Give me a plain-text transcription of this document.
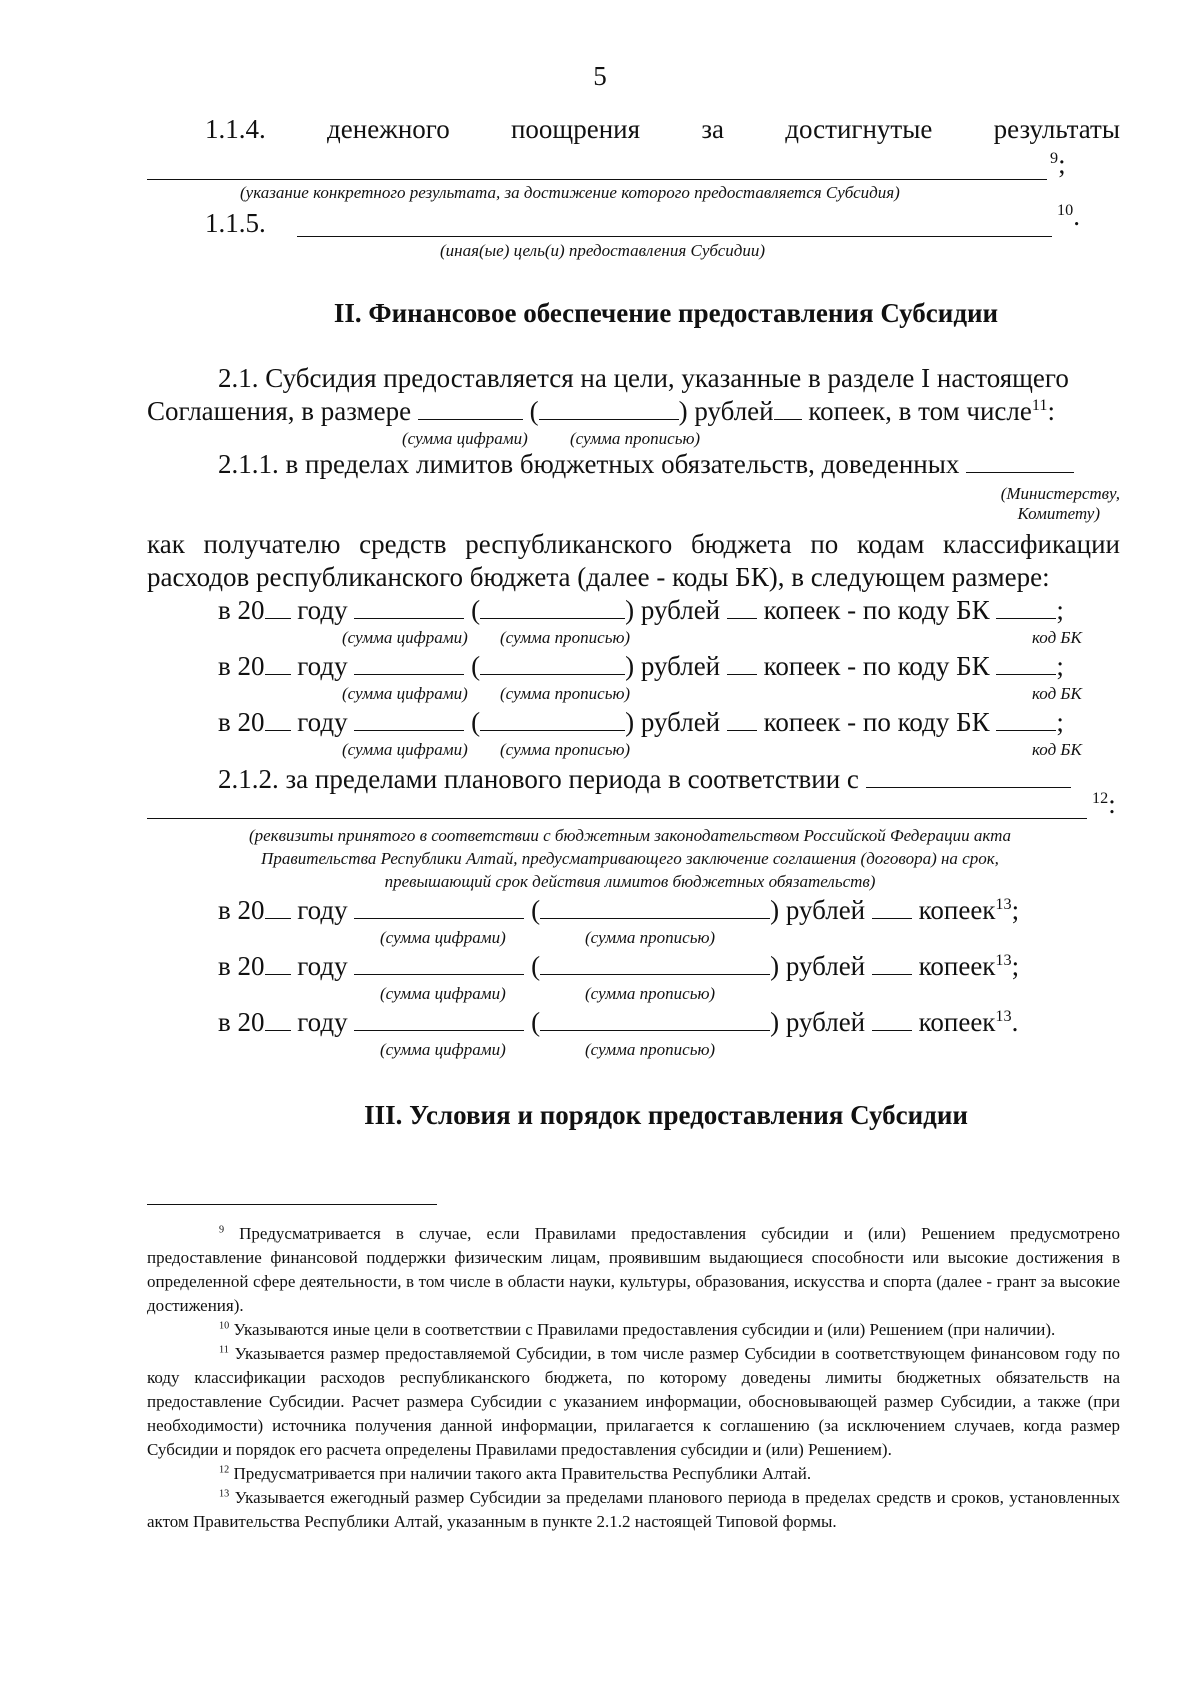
5
1.1.4. денежного поощрения за достигнутые результаты
$^9$;
(указание конкретного результата, за достижение которого предоставляется Субсидия)
1.1.5.	$^{10}$.
(иная(ые) цель(и) предоставления Субсидии)
II. Финансовое обеспечение предоставления Субсидии
2.1. Субсидия предоставляется на цели, указанные в разделе I настоящего
Соглашения, в размере	(	) рублей копеек, в том числе$^{11}$:
(сумма цифрами) (сумма прописью)
2.1.1. в пределах лимитов бюджетных обязательств, доведенных
(Министерству,
Комитету)
как получателю средств республиканского бюджета по кодам классификации
расходов республиканского бюджета (далее - коды БК), в следующем размере:
в 20 году	(	) рублей копеек - по коду БК ;
(сумма цифрами) (сумма прописью)	код БК
в 20 году	(	) рублей копеек - по коду БК ;
(сумма цифрами) (сумма прописью)	код БК
в 20 году	(	) рублей копеек - по коду БК ;
(сумма цифрами) (сумма прописью)	код БК
2.1.2. за пределами планового периода в соответствии с
$^{12}$:
(реквизиты принятого в соответствии с бюджетным законодательством Российской Федерации акта
Правительства Республики Алтай, предусматривающего заключение соглашения (договора) на срок,
превышающий срок действия лимитов бюджетных обязательств)
в 20 году	(	) рублей копеек$^{13}$;
(сумма цифрами)	(сумма прописью)
в 20 году	(	) рублей копеек$^{13}$;
(сумма цифрами)	(сумма прописью)
в 20 году	(	) рублей копеек$^{13}$.
(сумма цифрами)	(сумма прописью)
III. Условия и порядок предоставления Субсидии

$^9$ Предусматривается в случае, если Правилами предоставления субсидии и (или) Решением предусмотрено предоставление финансовой поддержки физическим лицам, проявившим выдающиеся способности или высокие достижения в определенной сфере деятельности, в том числе в области науки, культуры, образования, искусства и спорта (далее - грант за высокие достижения).

$^{10}$ Указываются иные цели в соответствии с Правилами предоставления субсидии и (или) Решением (при наличии).

$^{11}$ Указывается размер предоставляемой Субсидии, в том числе размер Субсидии в соответствующем финансовом году по коду классификации расходов республиканского бюджета, по которому доведены лимиты бюджетных обязательств на предоставление Субсидии. Расчет размера Субсидии с указанием информации, обосновывающей размер Субсидии, а также (при необходимости) источника получения данной информации, прилагается к соглашению (за исключением случаев, когда размер Субсидии и порядок его расчета определены Правилами предоставления субсидии и (или) Решением).

$^{12}$ Предусматривается при наличии такого акта Правительства Республики Алтай.

$^{13}$ Указывается ежегодный размер Субсидии за пределами планового периода в пределах средств и сроков, установленных актом Правительства Республики Алтай, указанным в пункте 2.1.2 настоящей Типовой формы.
